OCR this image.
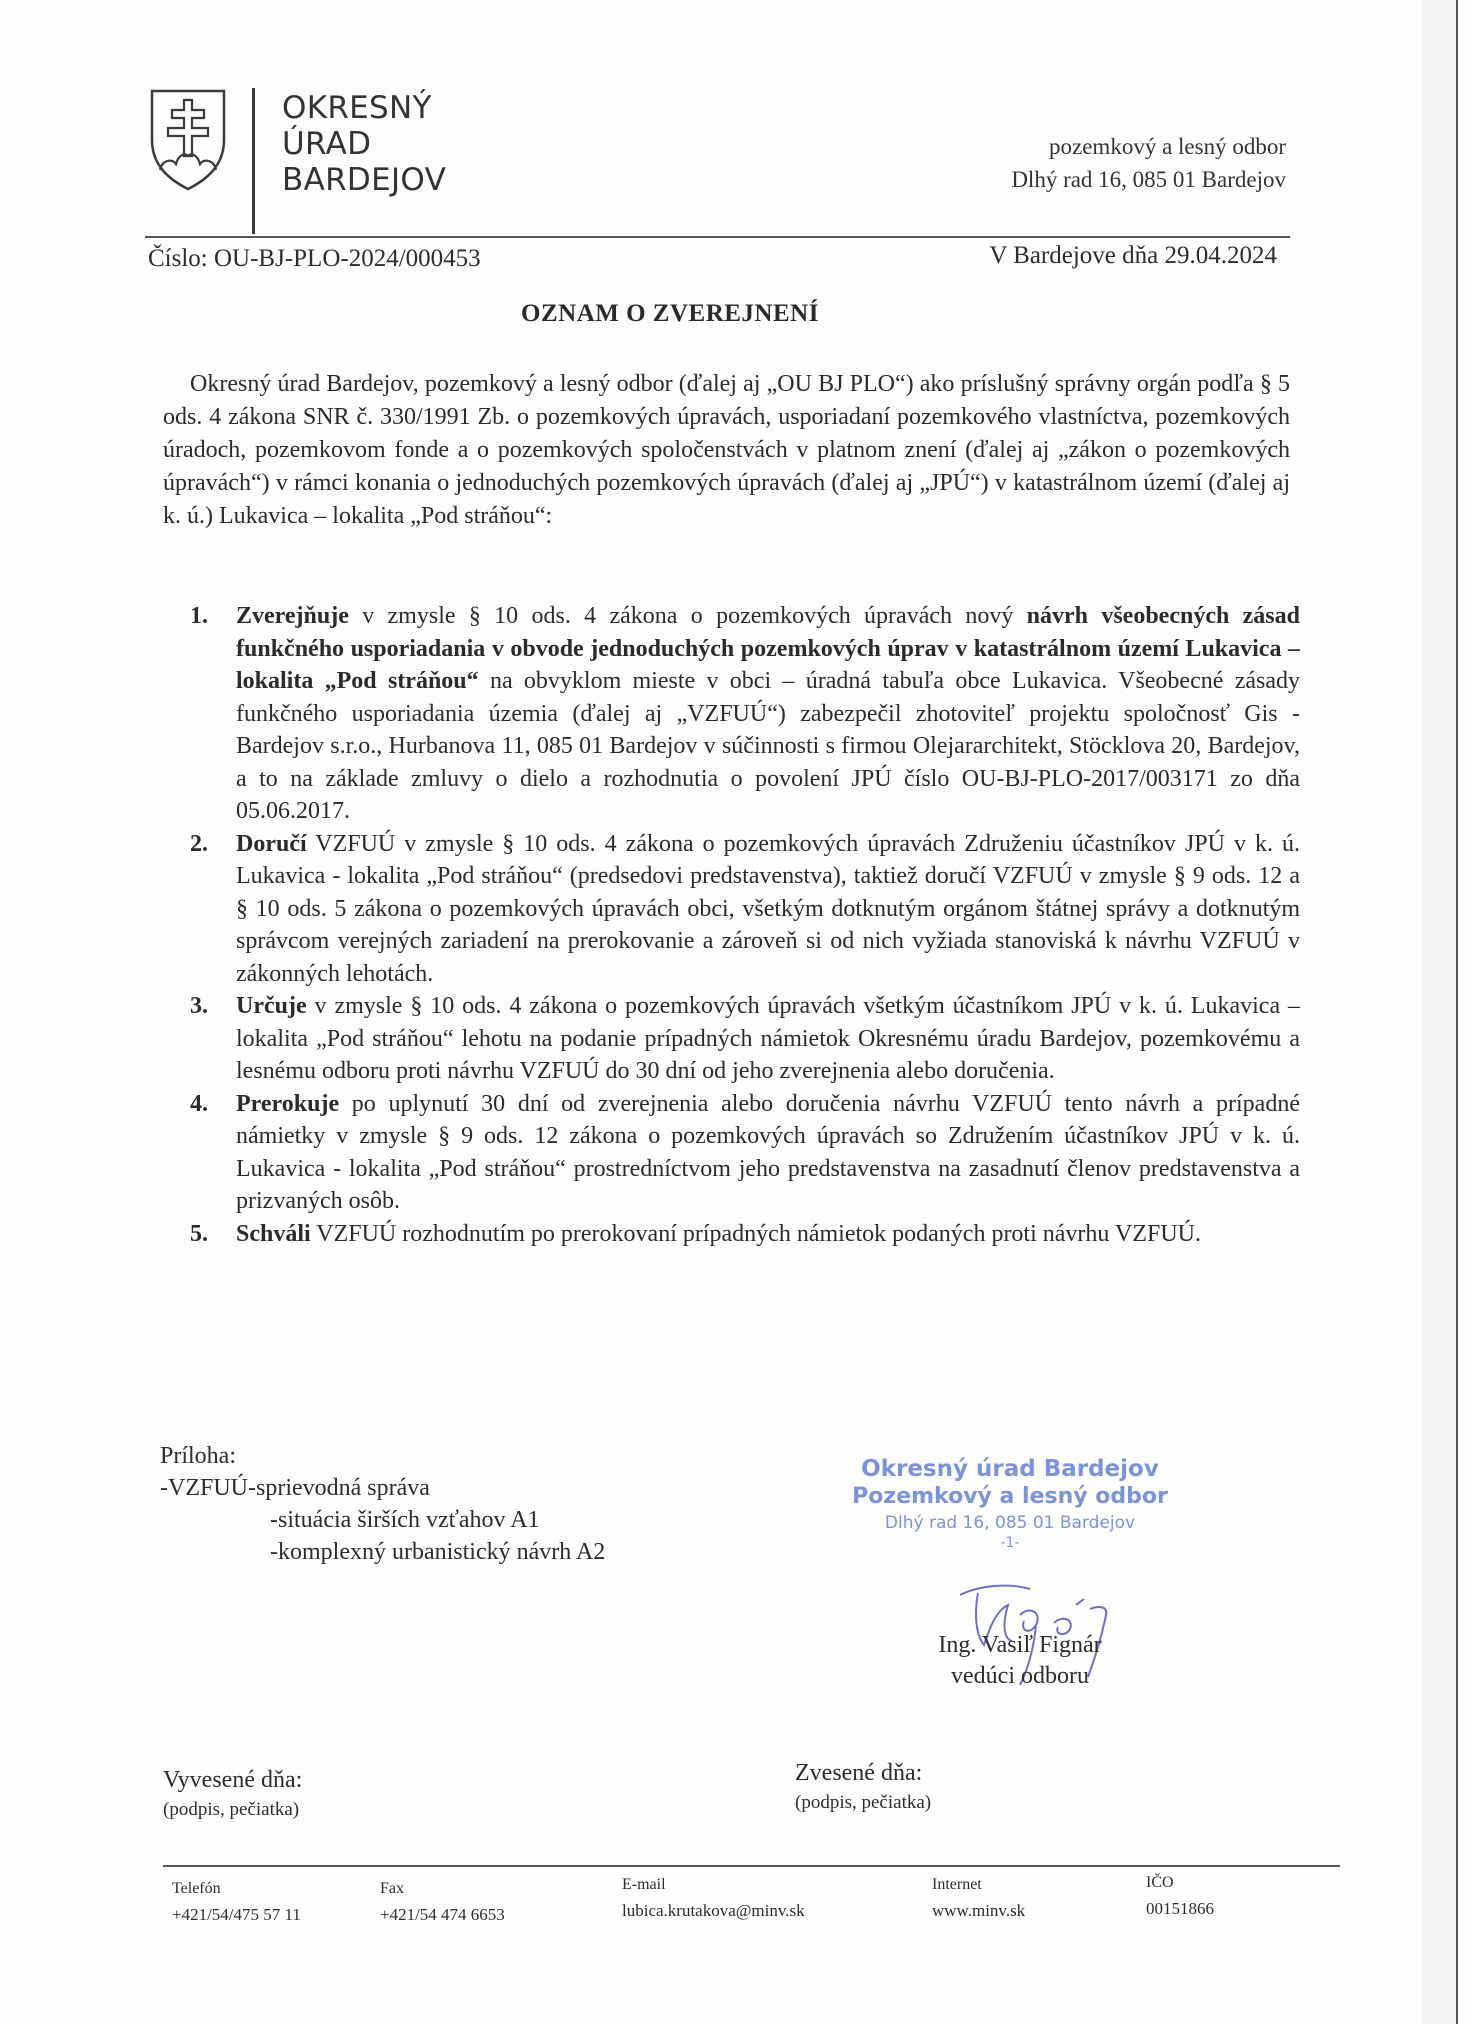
OKRESNÝ
ÚRAD
BARDEJOV
pozemkový a lesný odbor
Dlhý rad 16, 085 01 Bardejov
Číslo: OU-BJ-PLO-2024/000453	V Bardejove dňa 29.04.2024
OZNAM O ZVEREJNENÍ
Okresný úrad Bardejov, pozemkový a lesný odbor (ďalej aj „OU BJ PLO“) ako príslušný správny orgán podľa § 5 ods. 4 zákona SNR č. 330/1991 Zb. o pozemkových úpravách, usporiadaní pozemkového vlastníctva, pozemkových úradoch, pozemkovom fonde a o pozemkových spoločenstvách v platnom znení (ďalej aj „zákon o pozemkových úpravách“) v rámci konania o jednoduchých pozemkových úpravách (ďalej aj „JPÚ“) v katastrálnom území (ďalej aj k. ú.) Lukavica – lokalita „Pod stráňou“:
1. Zverejňuje v zmysle § 10 ods. 4 zákona o pozemkových úpravách nový návrh všeobecných zásad funkčného usporiadania v obvode jednoduchých pozemkových úprav v katastrálnom území Lukavica – lokalita „Pod stráňou“ na obvyklom mieste v obci – úradná tabuľa obce Lukavica. Všeobecné zásady funkčného usporiadania územia (ďalej aj „VZFUÚ“) zabezpečil zhotoviteľ projektu spoločnosť Gis - Bardejov s.r.o., Hurbanova 11, 085 01 Bardejov v súčinnosti s firmou Olejararchitekt, Stöcklova 20, Bardejov, a to na základe zmluvy o dielo a rozhodnutia o povolení JPÚ číslo OU-BJ-PLO-2017/003171 zo dňa 05.06.2017.
2. Doručí VZFUÚ v zmysle § 10 ods. 4 zákona o pozemkových úpravách Združeniu účastníkov JPÚ v k. ú. Lukavica - lokalita „Pod stráňou“ (predsedovi predstavenstva), taktiež doručí VZFUÚ v zmysle § 9 ods. 12 a § 10 ods. 5 zákona o pozemkových úpravách obci, všetkým dotknutým orgánom štátnej správy a dotknutým správcom verejných zariadení na prerokovanie a zároveň si od nich vyžiada stanoviská k návrhu VZFUÚ v zákonných lehotách.
3. Určuje v zmysle § 10 ods. 4 zákona o pozemkových úpravách všetkým účastníkom JPÚ v k. ú. Lukavica – lokalita „Pod stráňou“ lehotu na podanie prípadných námietok Okresnému úradu Bardejov, pozemkovému a lesnému odboru proti návrhu VZFUÚ do 30 dní od jeho zverejnenia alebo doručenia.
4. Prerokuje po uplynutí 30 dní od zverejnenia alebo doručenia návrhu VZFUÚ tento návrh a prípadné námietky v zmysle § 9 ods. 12 zákona o pozemkových úpravách so Združením účastníkov JPÚ v k. ú. Lukavica - lokalita „Pod stráňou“ prostredníctvom jeho predstavenstva na zasadnutí členov predstavenstva a prizvaných osôb.
5. Schváli VZFUÚ rozhodnutím po prerokovaní prípadných námietok podaných proti návrhu VZFUÚ.
Príloha:
-VZFUÚ-sprievodná správa
-situácia širších vzťahov A1
-komplexný urbanistický návrh A2
Okresný úrad Bardejov
Pozemkový a lesný odbor
Dlhý rad 16, 085 01 Bardejov
-1-
Ing. Vasiľ Fignár
vedúci odboru
Vyvesené dňa:
(podpis, pečiatka)
Zvesené dňa:
(podpis, pečiatka)
Telefón
+421/54/475 57 11
Fax
+421/54 474 6653
E-mail
lubica.krutakova@minv.sk
Internet
www.minv.sk
IČO
00151866
